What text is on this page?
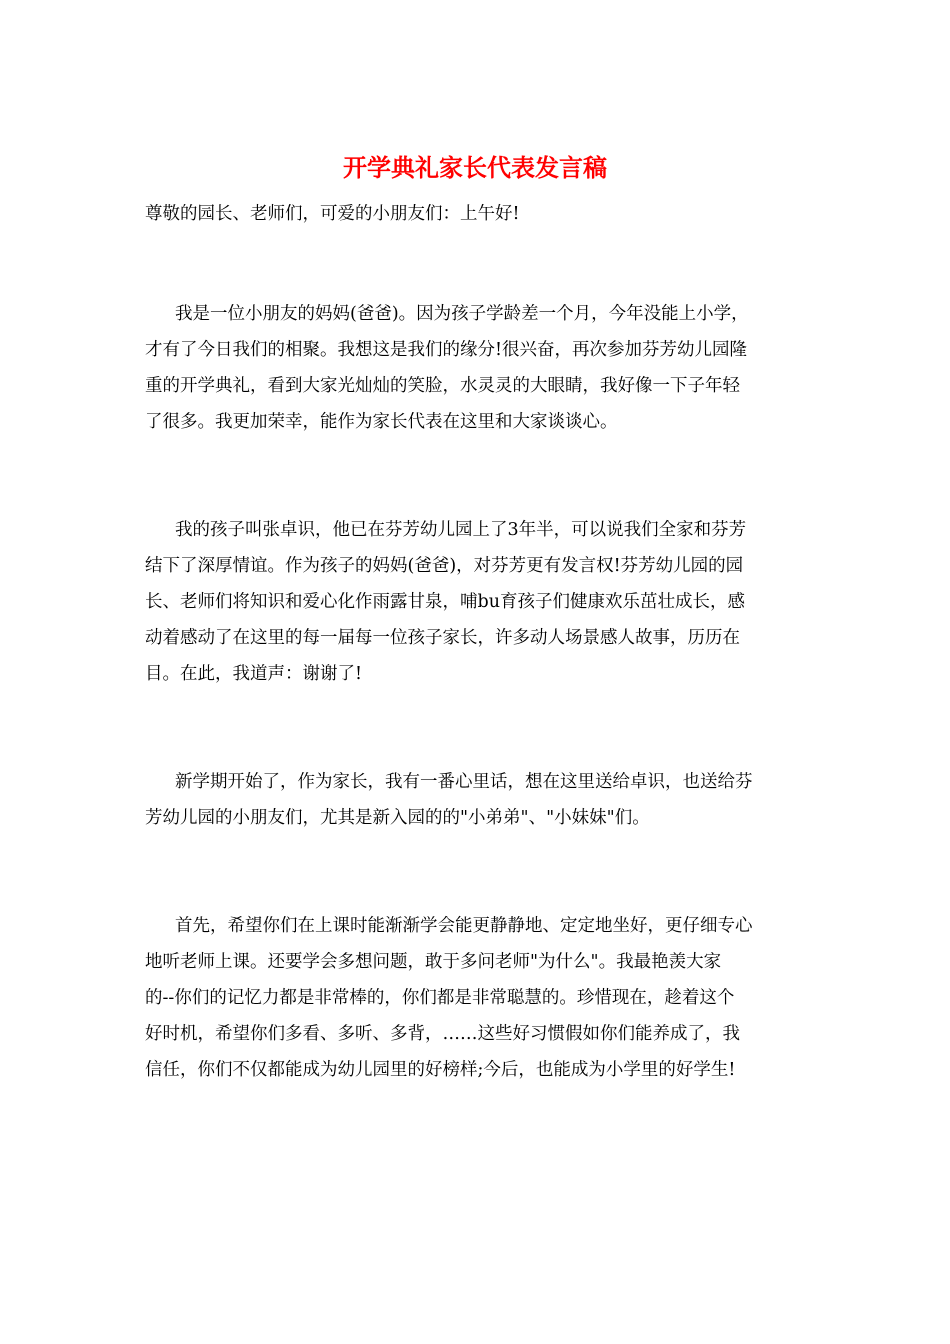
开学典礼家长代表发言稿

尊敬的园长、老师们，可爱的小朋友们：上午好!

我是一位小朋友的妈妈(爸爸)。因为孩子学龄差一个月，今年没能上小学，
才有了今日我们的相聚。我想这是我们的缘分!很兴奋，再次参加芬芳幼儿园隆
重的开学典礼，看到大家光灿灿的笑脸，水灵灵的大眼睛，我好像一下子年轻
了很多。我更加荣幸，能作为家长代表在这里和大家谈谈心。
我的孩子叫张卓识，他已在芬芳幼儿园上了3年半，可以说我们全家和芬芳
结下了深厚情谊。作为孩子的妈妈(爸爸)，对芬芳更有发言权!芬芳幼儿园的园
长、老师们将知识和爱心化作雨露甘泉，哺bu育孩子们健康欢乐茁壮成长，感
动着感动了在这里的每一届每一位孩子家长，许多动人场景感人故事，历历在
目。在此，我道声：谢谢了!
新学期开始了，作为家长，我有一番心里话，想在这里送给卓识，也送给芬
芳幼儿园的小朋友们，尤其是新入园的的"小弟弟"、"小妹妹"们。
首先，希望你们在上课时能渐渐学会能更静静地、定定地坐好，更仔细专心
地听老师上课。还要学会多想问题，敢于多问老师"为什么"。我最艳羡大家
的--你们的记忆力都是非常棒的，你们都是非常聪慧的。珍惜现在，趁着这个
好时机，希望你们多看、多听、多背，……这些好习惯假如你们能养成了，我
信任，你们不仅都能成为幼儿园里的好榜样;今后，也能成为小学里的好学生!
